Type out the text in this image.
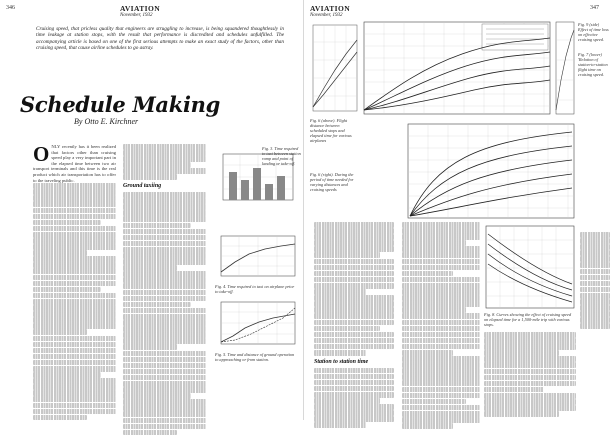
346	AVIATION
November, 1932
Schedule Making
By Otto E. Kirchner
O NLY recently has it been realized that factors other than cruising speed play a very important part in the elapsed time between two air transport terminals and this time is the real product which air transportation has to offer to the traveling public.
Ground taxiing
Fig. 3. Time required to taxi between station ramp and point of landing or take-off.
Fig. 4. Time required to taxi on airplane prior to take-off.
Fig. 5. Time and distance of ground operation to approaching or from station.
AVIATION
November, 1932
347
Fig. 6 (above). Flight distance between scheduled stops and elapsed time for various airplanes
Fig. 6 (right). During the period of time needed for varying distances and cruising speeds
Fig. 9 (side) Effect of time loss on effective cruising speed.
Fig. 7 (lower) 'Relation of station-to-station flight time on cruising speed.
Fig. 8. Curves showing the effect of cruising speed on elapsed time for a 1,500-mile trip with various stops.
Station to station time
Cruising speed, that pricless quality that engineers are struggling to increase, is being squandered thoughtlessly in time leakage at station stops, with the result that performance is discredited and schedules unfulfilled. The accompanying article is based on one of the first serious attempts to make an exact study of the factors, other than cruising speed, that cause airline schedules to go astray.
